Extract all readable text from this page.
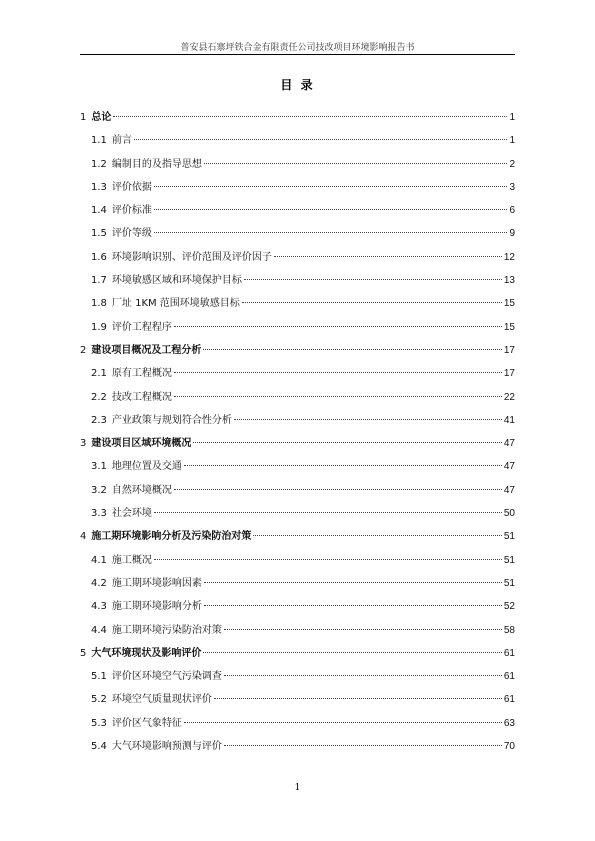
普安县石寨坪铁合金有限责任公司技改项目环境影响报告书
目 录
1 总论	1
1.1 前言	1
1.2 编制目的及指导思想	2
1.3 评价依据	3
1.4 评价标准	6
1.5 评价等级	9
1.6 环境影响识别、评价范围及评价因子	12
1.7 环境敏感区域和环境保护目标	13
1.8 厂址 1KM 范围环境敏感目标	15
1.9 评价工程程序	15
2 建设项目概况及工程分析	17
2.1 原有工程概况	17
2.2 技改工程概况	22
2.3 产业政策与规划符合性分析	41
3 建设项目区域环境概况	47
3.1 地理位置及交通	47
3.2 自然环境概况	47
3.3 社会环境	50
4 施工期环境影响分析及污染防治对策	51
4.1 施工概况	51
4.2 施工期环境影响因素	51
4.3 施工期环境影响分析	52
4.4 施工期环境污染防治对策	58
5 大气环境现状及影响评价	61
5.1 评价区环境空气污染调查	61
5.2 环境空气质量现状评价	61
5.3 评价区气象特征	63
5.4 大气环境影响预测与评价	70
1
